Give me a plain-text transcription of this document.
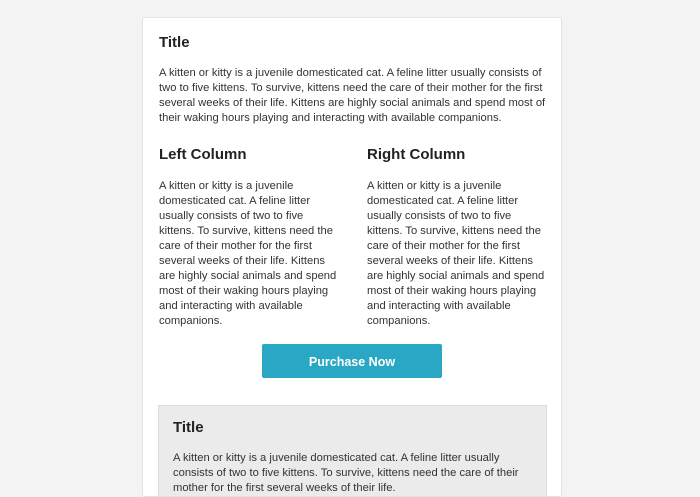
Title

A kitten or kitty is a juvenile domesticated cat. A feline litter usually consists of two to five kittens. To survive, kittens need the care of their mother for the first several weeks of their life. Kittens are highly social animals and spend most of their waking hours playing and interacting with available companions.

Left Column

A kitten or kitty is a juvenile domesticated cat. A feline litter usually consists of two to five kittens. To survive, kittens need the care of their mother for the first several weeks of their life. Kittens are highly social animals and spend most of their waking hours playing and interacting with available companions.

Right Column

A kitten or kitty is a juvenile domesticated cat. A feline litter usually consists of two to five kittens. To survive, kittens need the care of their mother for the first several weeks of their life. Kittens are highly social animals and spend most of their waking hours playing and interacting with available companions.

Purchase Now
Title

A kitten or kitty is a juvenile domesticated cat. A feline litter usually consists of two to five kittens. To survive, kittens need the care of their mother for the first several weeks of their life.
